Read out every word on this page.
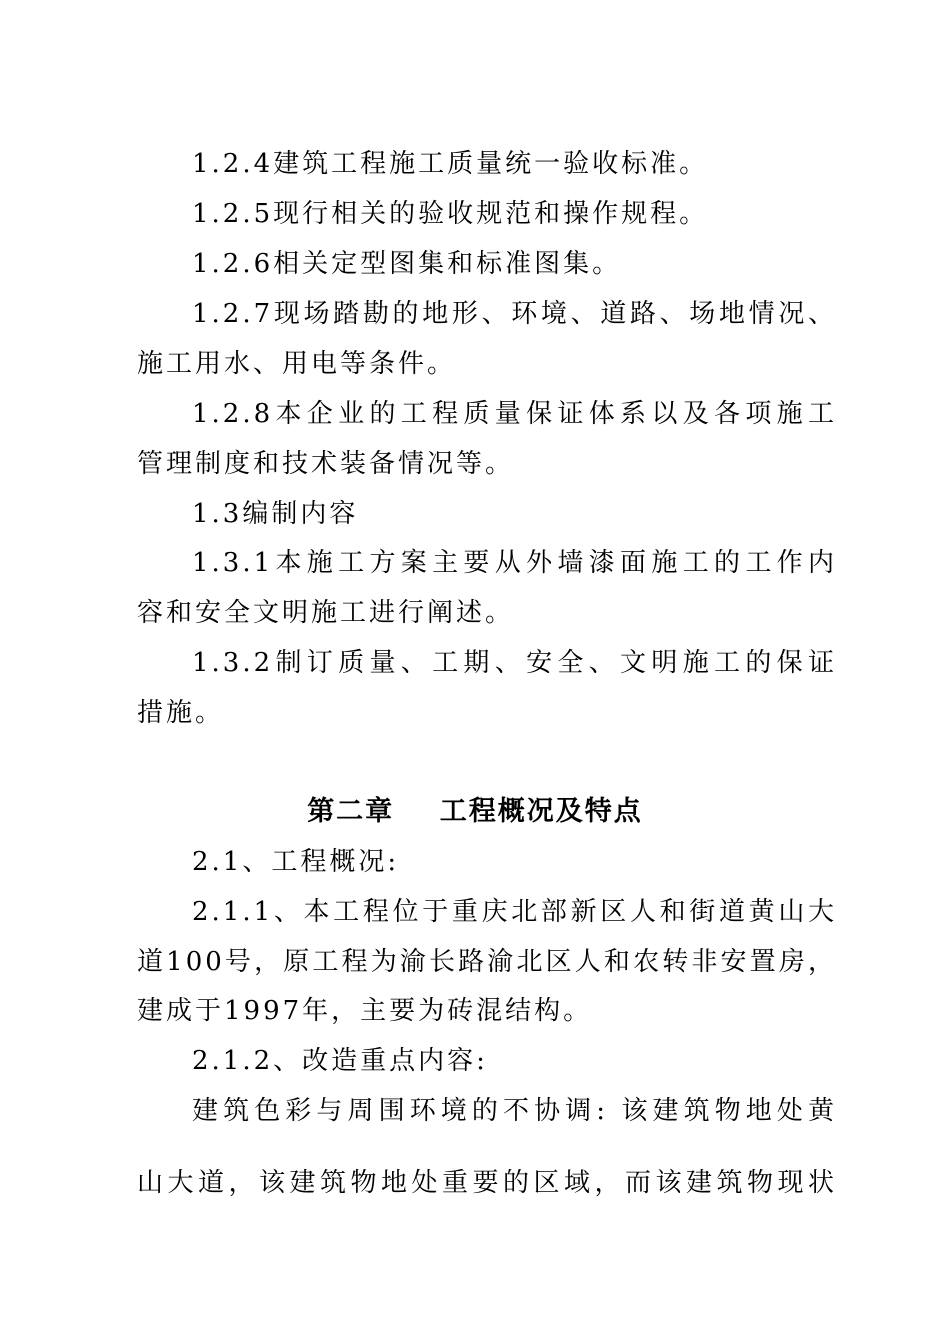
1.2.4建筑工程施工质量统一验收标准。
1.2.5现行相关的验收规范和操作规程。
1.2.6相关定型图集和标准图集。
1.2.7现场踏勘的地形、环境、道路、场地情况、
施工用水、用电等条件。
1.2.8本企业的工程质量保证体系以及各项施工
管理制度和技术装备情况等。
1.3编制内容
1.3.1本施工方案主要从外墙漆面施工的工作内
容和安全文明施工进行阐述。
1.3.2制订质量、工期、安全、文明施工的保证
措施。
第二章    工程概况及特点
2.1、工程概况:
2.1.1、本工程位于重庆北部新区人和街道黄山大
道100号，原工程为渝长路渝北区人和农转非安置房，
建成于1997年，主要为砖混结构。
2.1.2、改造重点内容:
建筑色彩与周围环境的不协调: 该建筑物地处黄
山大道，该建筑物地处重要的区域，而该建筑物现状
